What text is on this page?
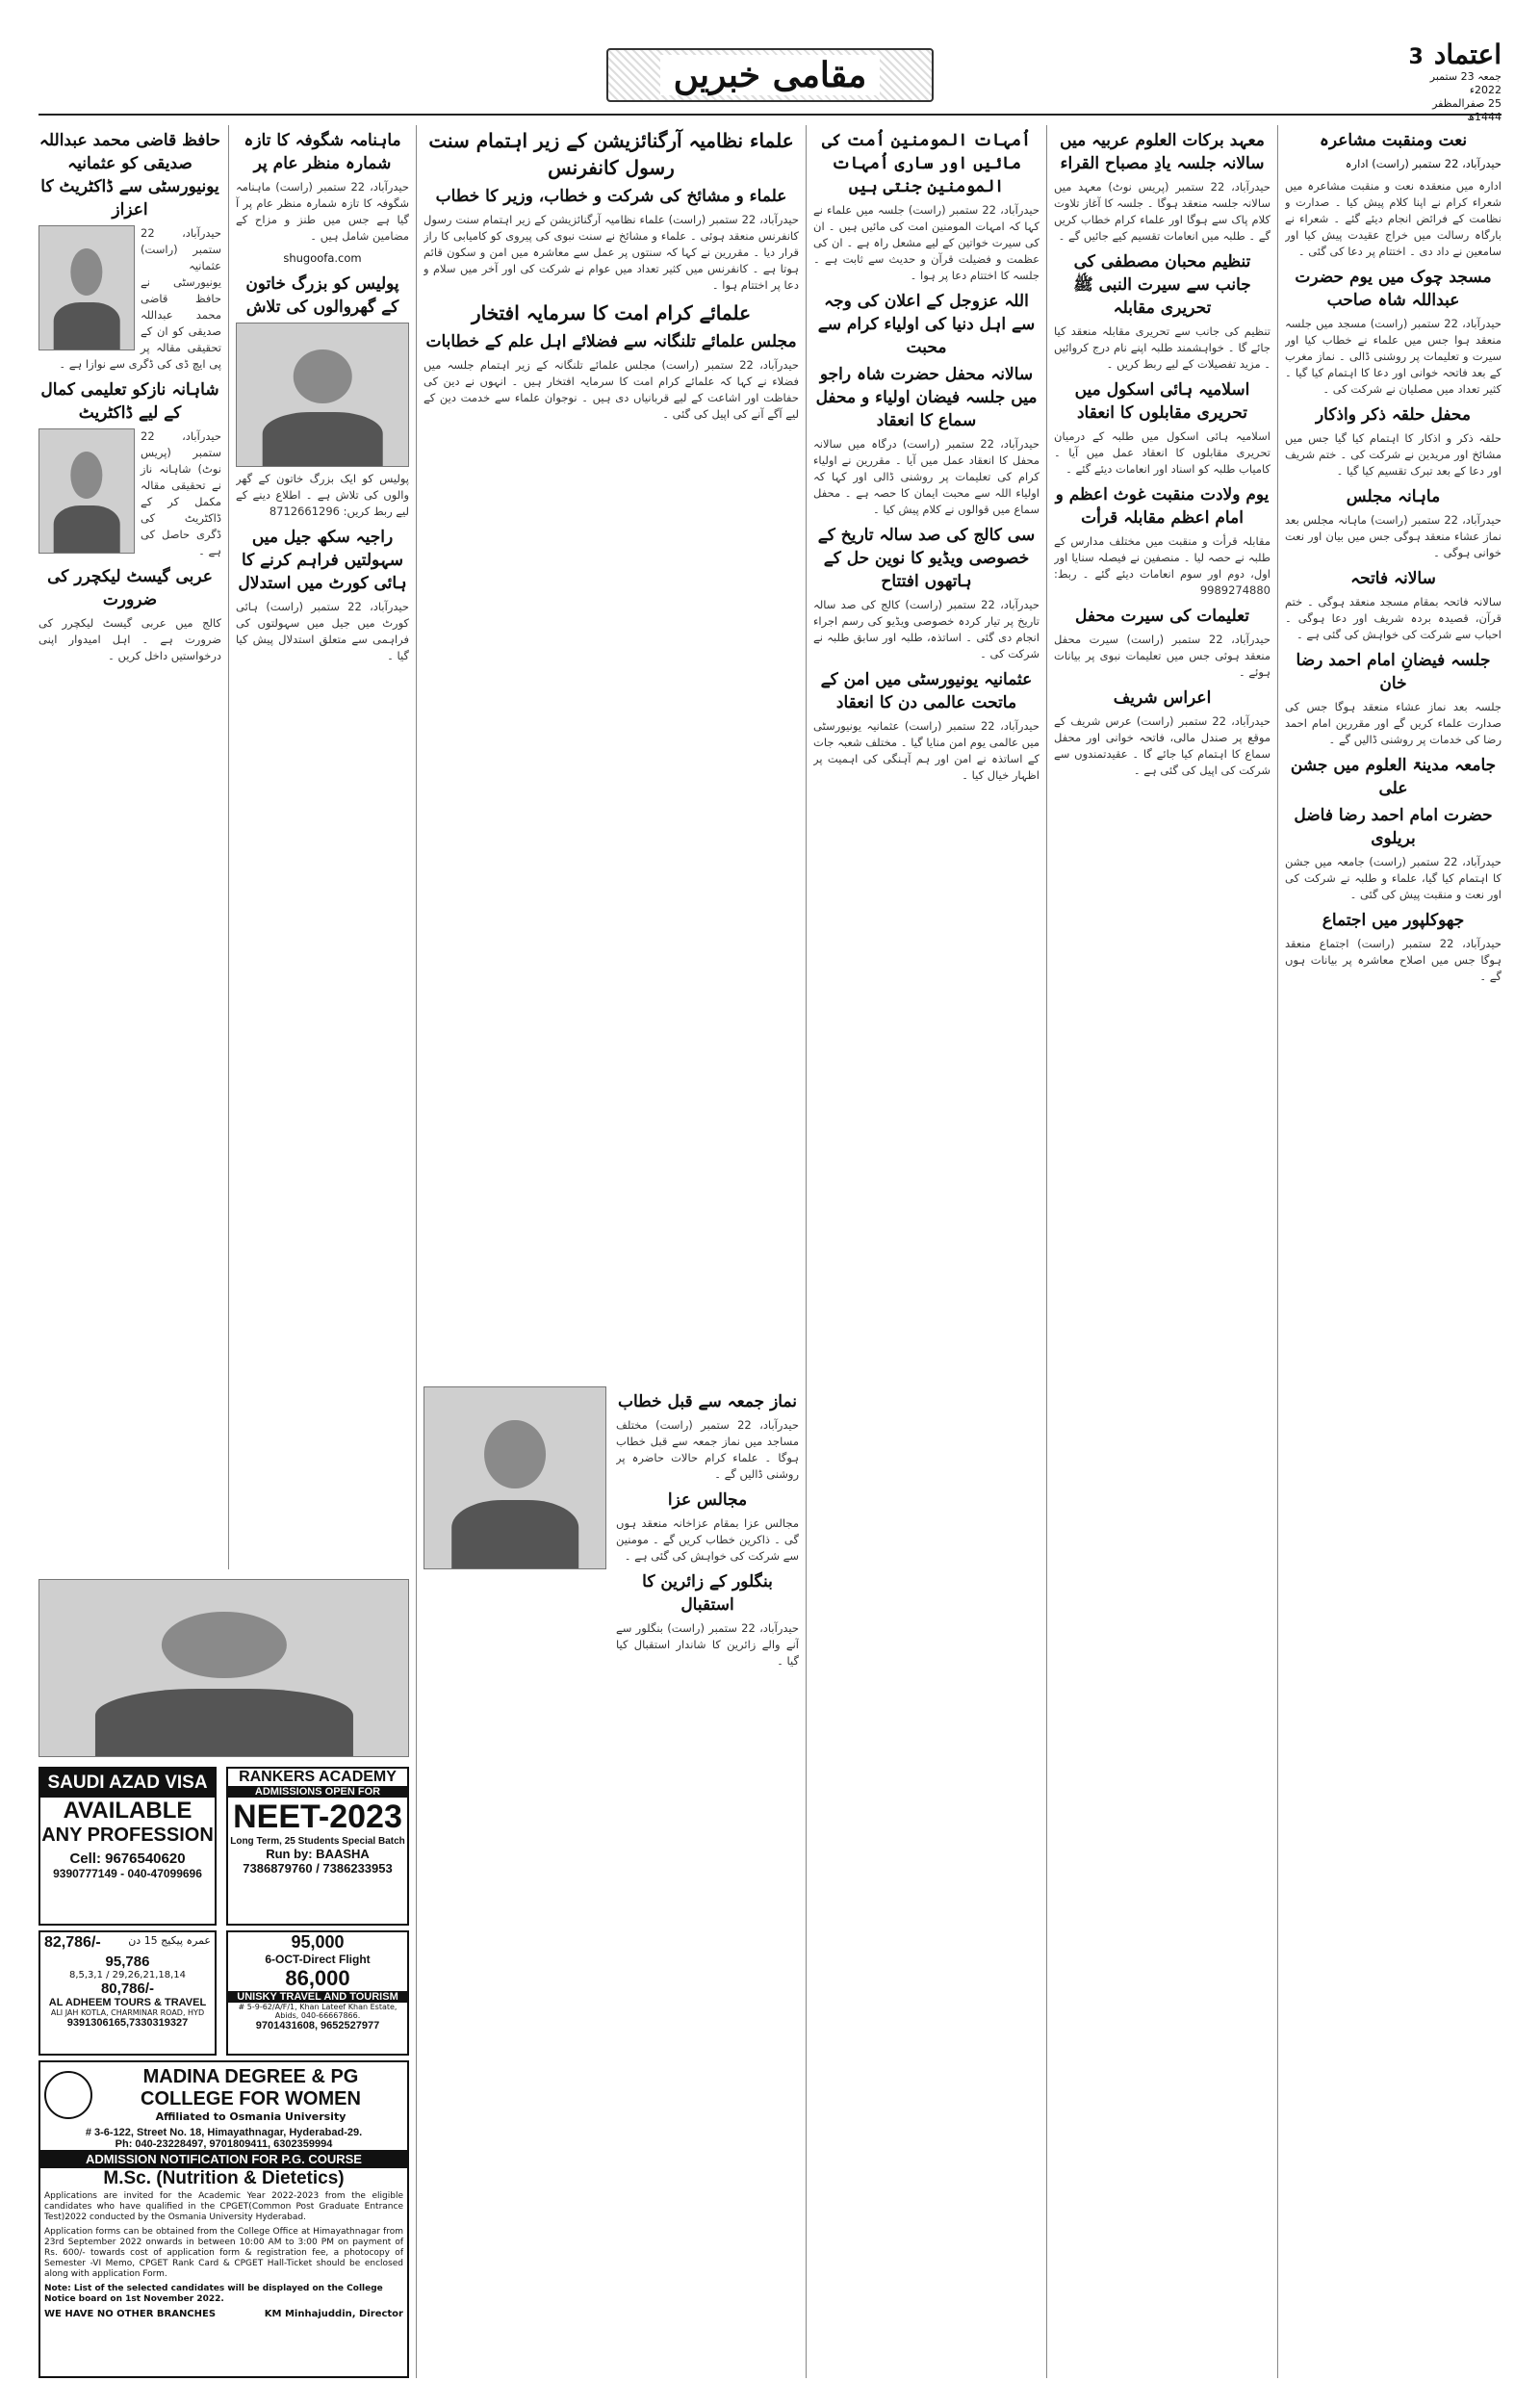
اعتماد 3
جمعہ 23 ستمبر 2022ء
25 صفرالمظفر 1444ھ
مقامی خبریں
نعت ومنقبت مشاعرہ

حیدرآباد، 22 ستمبر (راست) ادارہ

ادارہ میں منعقدہ نعت و منقبت مشاعرہ میں شعراء کرام نے اپنا کلام پیش کیا ۔ صدارت و نظامت کے فرائض انجام دیئے گئے ۔ شعراء نے بارگاہ رسالت میں خراج عقیدت پیش کیا اور سامعین نے داد دی ۔ اختتام پر دعا کی گئی ۔

مسجد چوک میں یوم حضرت عبداللہ شاہ صاحب

حیدرآباد، 22 ستمبر (راست) مسجد میں جلسہ منعقد ہوا جس میں علماء نے خطاب کیا اور سیرت و تعلیمات پر روشنی ڈالی ۔ نماز مغرب کے بعد فاتحہ خوانی اور دعا کا اہتمام کیا گیا ۔ کثیر تعداد میں مصلیان نے شرکت کی ۔

محفل حلقہ ذکر واذکار

حلقہ ذکر و اذکار کا اہتمام کیا گیا جس میں مشائخ اور مریدین نے شرکت کی ۔ ختم شریف اور دعا کے بعد تبرک تقسیم کیا گیا ۔

ماہانہ مجلس

حیدرآباد، 22 ستمبر (راست) ماہانہ مجلس بعد نماز عشاء منعقد ہوگی جس میں بیان اور نعت خوانی ہوگی ۔

سالانہ فاتحہ

سالانہ فاتحہ بمقام مسجد منعقد ہوگی ۔ ختم قرآن، قصیدہ بردہ شریف اور دعا ہوگی ۔ احباب سے شرکت کی خواہش کی گئی ہے ۔

جلسہ فیضانِ امام احمد رضا خان

جلسہ بعد نماز عشاء منعقد ہوگا جس کی صدارت علماء کریں گے اور مقررین امام احمد رضا کی خدمات پر روشنی ڈالیں گے ۔

جامعہ مدینۃ العلوم میں جشن علی
حضرت امام احمد رضا فاضل بریلوی

حیدرآباد، 22 ستمبر (راست) جامعہ میں جشن کا اہتمام کیا گیا، علماء و طلبہ نے شرکت کی اور نعت و منقبت پیش کی گئی ۔

جھوکلپور میں اجتماع

حیدرآباد، 22 ستمبر (راست) اجتماع منعقد ہوگا جس میں اصلاح معاشرہ پر بیانات ہوں گے ۔

معہد برکات العلوم عربیہ میں سالانہ جلسہ یادِ مصباح القراء

حیدرآباد، 22 ستمبر (پریس نوٹ) معہد میں سالانہ جلسہ منعقد ہوگا ۔ جلسہ کا آغاز تلاوت کلام پاک سے ہوگا اور علماء کرام خطاب کریں گے ۔ طلبہ میں انعامات تقسیم کیے جائیں گے ۔

تنظیم محبان مصطفی کی جانب سے سیرت النبی ﷺ تحریری مقابلہ

تنظیم کی جانب سے تحریری مقابلہ منعقد کیا جائے گا ۔ خواہشمند طلبہ اپنے نام درج کروائیں ۔ مزید تفصیلات کے لیے ربط کریں ۔

اسلامیہ ہائی اسکول میں تحریری مقابلوں کا انعقاد

اسلامیہ ہائی اسکول میں طلبہ کے درمیان تحریری مقابلوں کا انعقاد عمل میں آیا ۔ کامیاب طلبہ کو اسناد اور انعامات دیئے گئے ۔

یوم ولادت منقبت غوث اعظم و امام اعظم مقابلہ قرأت

مقابلہ قرأت و منقبت میں مختلف مدارس کے طلبہ نے حصہ لیا ۔ منصفین نے فیصلہ سنایا اور اول، دوم اور سوم انعامات دیئے گئے ۔ ربط: 9989274880

تعلیمات کی سیرت محفل

حیدرآباد، 22 ستمبر (راست) سیرت محفل منعقد ہوئی جس میں تعلیمات نبوی پر بیانات ہوئے ۔

اعراس شریف

حیدرآباد، 22 ستمبر (راست) عرس شریف کے موقع پر صندل مالی، فاتحہ خوانی اور محفل سماع کا اہتمام کیا جائے گا ۔ عقیدتمندوں سے شرکت کی اپیل کی گئی ہے ۔

اُمہات المومنین اُمت کی مائیں اور ساری اُمہات المومنین جنتی ہیں

حیدرآباد، 22 ستمبر (راست) جلسہ میں علماء نے کہا کہ امہات المومنین امت کی مائیں ہیں ۔ ان کی سیرت خواتین کے لیے مشعل راہ ہے ۔ ان کی عظمت و فضیلت قرآن و حدیث سے ثابت ہے ۔ جلسہ کا اختتام دعا پر ہوا ۔

اللہ عزوجل کے اعلان کی وجہ سے اہل دنیا کی اولیاء کرام سے محبت
سالانہ محفل حضرت شاہ راجو میں جلسہ فیضان اولیاء و محفل سماع کا انعقاد

حیدرآباد، 22 ستمبر (راست) درگاہ میں سالانہ محفل کا انعقاد عمل میں آیا ۔ مقررین نے اولیاء کرام کی تعلیمات پر روشنی ڈالی اور کہا کہ اولیاء اللہ سے محبت ایمان کا حصہ ہے ۔ محفل سماع میں قوالوں نے کلام پیش کیا ۔

سی کالج کی صد سالہ تاریخ کے خصوصی ویڈیو کا نوین حل کے ہاتھوں افتتاح

حیدرآباد، 22 ستمبر (راست) کالج کی صد سالہ تاریخ پر تیار کردہ خصوصی ویڈیو کی رسم اجراء انجام دی گئی ۔ اساتذہ، طلبہ اور سابق طلبہ نے شرکت کی ۔

عثمانیہ یونیورسٹی میں امن کے ماتحت عالمی دن کا انعقاد

حیدرآباد، 22 ستمبر (راست) عثمانیہ یونیورسٹی میں عالمی یوم امن منایا گیا ۔ مختلف شعبہ جات کے اساتذہ نے امن اور ہم آہنگی کی اہمیت پر اظہار خیال کیا ۔

علماء نظامیہ آرگنائزیشن کے زیر اہتمام سنت رسول کانفرنس
علماء و مشائخ کی شرکت و خطاب، وزیر کا خطاب

حیدرآباد، 22 ستمبر (راست) علماء نظامیہ آرگنائزیشن کے زیر اہتمام سنت رسول کانفرنس منعقد ہوئی ۔ علماء و مشائخ نے سنت نبوی کی پیروی کو کامیابی کا راز قرار دیا ۔ مقررین نے کہا کہ سنتوں پر عمل سے معاشرہ میں امن و سکون قائم ہوتا ہے ۔ کانفرنس میں کثیر تعداد میں عوام نے شرکت کی اور آخر میں سلام و دعا پر اختتام ہوا ۔

علمائے کرام امت کا سرمایہ افتخار
مجلس علمائے تلنگانہ سے فضلائے اہل علم کے خطابات

حیدرآباد، 22 ستمبر (راست) مجلس علمائے تلنگانہ کے زیر اہتمام جلسہ میں فضلاء نے کہا کہ علمائے کرام امت کا سرمایہ افتخار ہیں ۔ انہوں نے دین کی حفاظت اور اشاعت کے لیے قربانیاں دی ہیں ۔ نوجوان علماء سے خدمت دین کے لیے آگے آنے کی اپیل کی گئی ۔

نماز جمعہ سے قبل خطاب

حیدرآباد، 22 ستمبر (راست) مختلف مساجد میں نماز جمعہ سے قبل خطاب ہوگا ۔ علماء کرام حالات حاضرہ پر روشنی ڈالیں گے ۔

مجالس عزا

مجالس عزا بمقام عزاخانہ منعقد ہوں گی ۔ ذاکرین خطاب کریں گے ۔ مومنین سے شرکت کی خواہش کی گئی ہے ۔

بنگلور کے زائرین کا استقبال

حیدرآباد، 22 ستمبر (راست) بنگلور سے آنے والے زائرین کا شاندار استقبال کیا گیا ۔

ماہنامہ شگوفہ کا تازہ شمارہ منظر عام پر

حیدرآباد، 22 ستمبر (راست) ماہنامہ شگوفہ کا تازہ شمارہ منظر عام پر آ گیا ہے جس میں طنز و مزاح کے مضامین شامل ہیں ۔

shugoofa.com

پولیس کو بزرگ خاتون کے گھروالوں کی تلاش

پولیس کو ایک بزرگ خاتون کے گھر والوں کی تلاش ہے ۔ اطلاع دینے کے لیے ربط کریں: 8712661296

راجیہ سکھ جیل میں سہولتیں فراہم کرنے کا ہائی کورٹ میں استدلال

حیدرآباد، 22 ستمبر (راست) ہائی کورٹ میں جیل میں سہولتوں کی فراہمی سے متعلق استدلال پیش کیا گیا ۔

حافظ قاضی محمد عبداللہ صدیقی کو عثمانیہ یونیورسٹی سے ڈاکٹریٹ کا اعزاز

حیدرآباد، 22 ستمبر (راست) عثمانیہ یونیورسٹی نے حافظ قاضی محمد عبداللہ صدیقی کو ان کے تحقیقی مقالہ پر پی ایچ ڈی کی ڈگری سے نوازا ہے ۔

شاہانہ نازکو تعلیمی کمال کے لیے ڈاکٹریٹ

حیدرآباد، 22 ستمبر (پریس نوٹ) شاہانہ ناز نے تحقیقی مقالہ مکمل کر کے ڈاکٹریٹ کی ڈگری حاصل کی ہے ۔

عربی گیسٹ لیکچرر کی ضرورت

کالج میں عربی گیسٹ لیکچرر کی ضرورت ہے ۔ اہل امیدوار اپنی درخواستیں داخل کریں ۔

SAUDI AZAD VISA
AVAILABLE
ANY PROFESSION
Cell: 9676540620
9390777149 - 040-47099696
RANKERS ACADEMY
ADMISSIONS OPEN FOR
NEET-2023
Long Term, 25 Students Special Batch
Run by: BAASHA
7386879760 / 7386233953
82,786/-	عمرہ پیکیج 15 دن
95,786
8,5,3,1 / 29,26,21,18,14
80,786/-
AL ADHEEM TOURS & TRAVEL
ALI JAH KOTLA, CHARMINAR ROAD, HYD
9391306165,7330319327
95,000
6-OCT-Direct Flight
86,000
UNISKY TRAVEL AND TOURISM
# 5-9-62/A/F/1, Khan Lateef Khan Estate, Abids, 040-66667866.
9701431608, 9652527977
MADINA DEGREE & PG
COLLEGE FOR WOMEN
Affiliated to Osmania University
# 3-6-122, Street No. 18, Himayathnagar, Hyderabad-29.
Ph: 040-23228497, 9701809411, 6302359994
ADMISSION NOTIFICATION FOR P.G. COURSE
M.Sc. (Nutrition & Dietetics)
Applications are invited for the Academic Year 2022-2023 from the eligible candidates who have qualified in the CPGET(Common Post Graduate Entrance Test)2022 conducted by the Osmania University Hyderabad.
Application forms can be obtained from the College Office at Himayathnagar from 23rd September 2022 onwards in between 10:00 AM to 3:00 PM on payment of Rs. 600/- towards cost of application form & registration fee, a photocopy of Semester -VI Memo, CPGET Rank Card & CPGET Hall-Ticket should be enclosed along with application Form.
Note: List of the selected candidates will be displayed on the College Notice board on 1st November 2022.
WE HAVE NO OTHER BRANCHES	KM Minhajuddin, Director
